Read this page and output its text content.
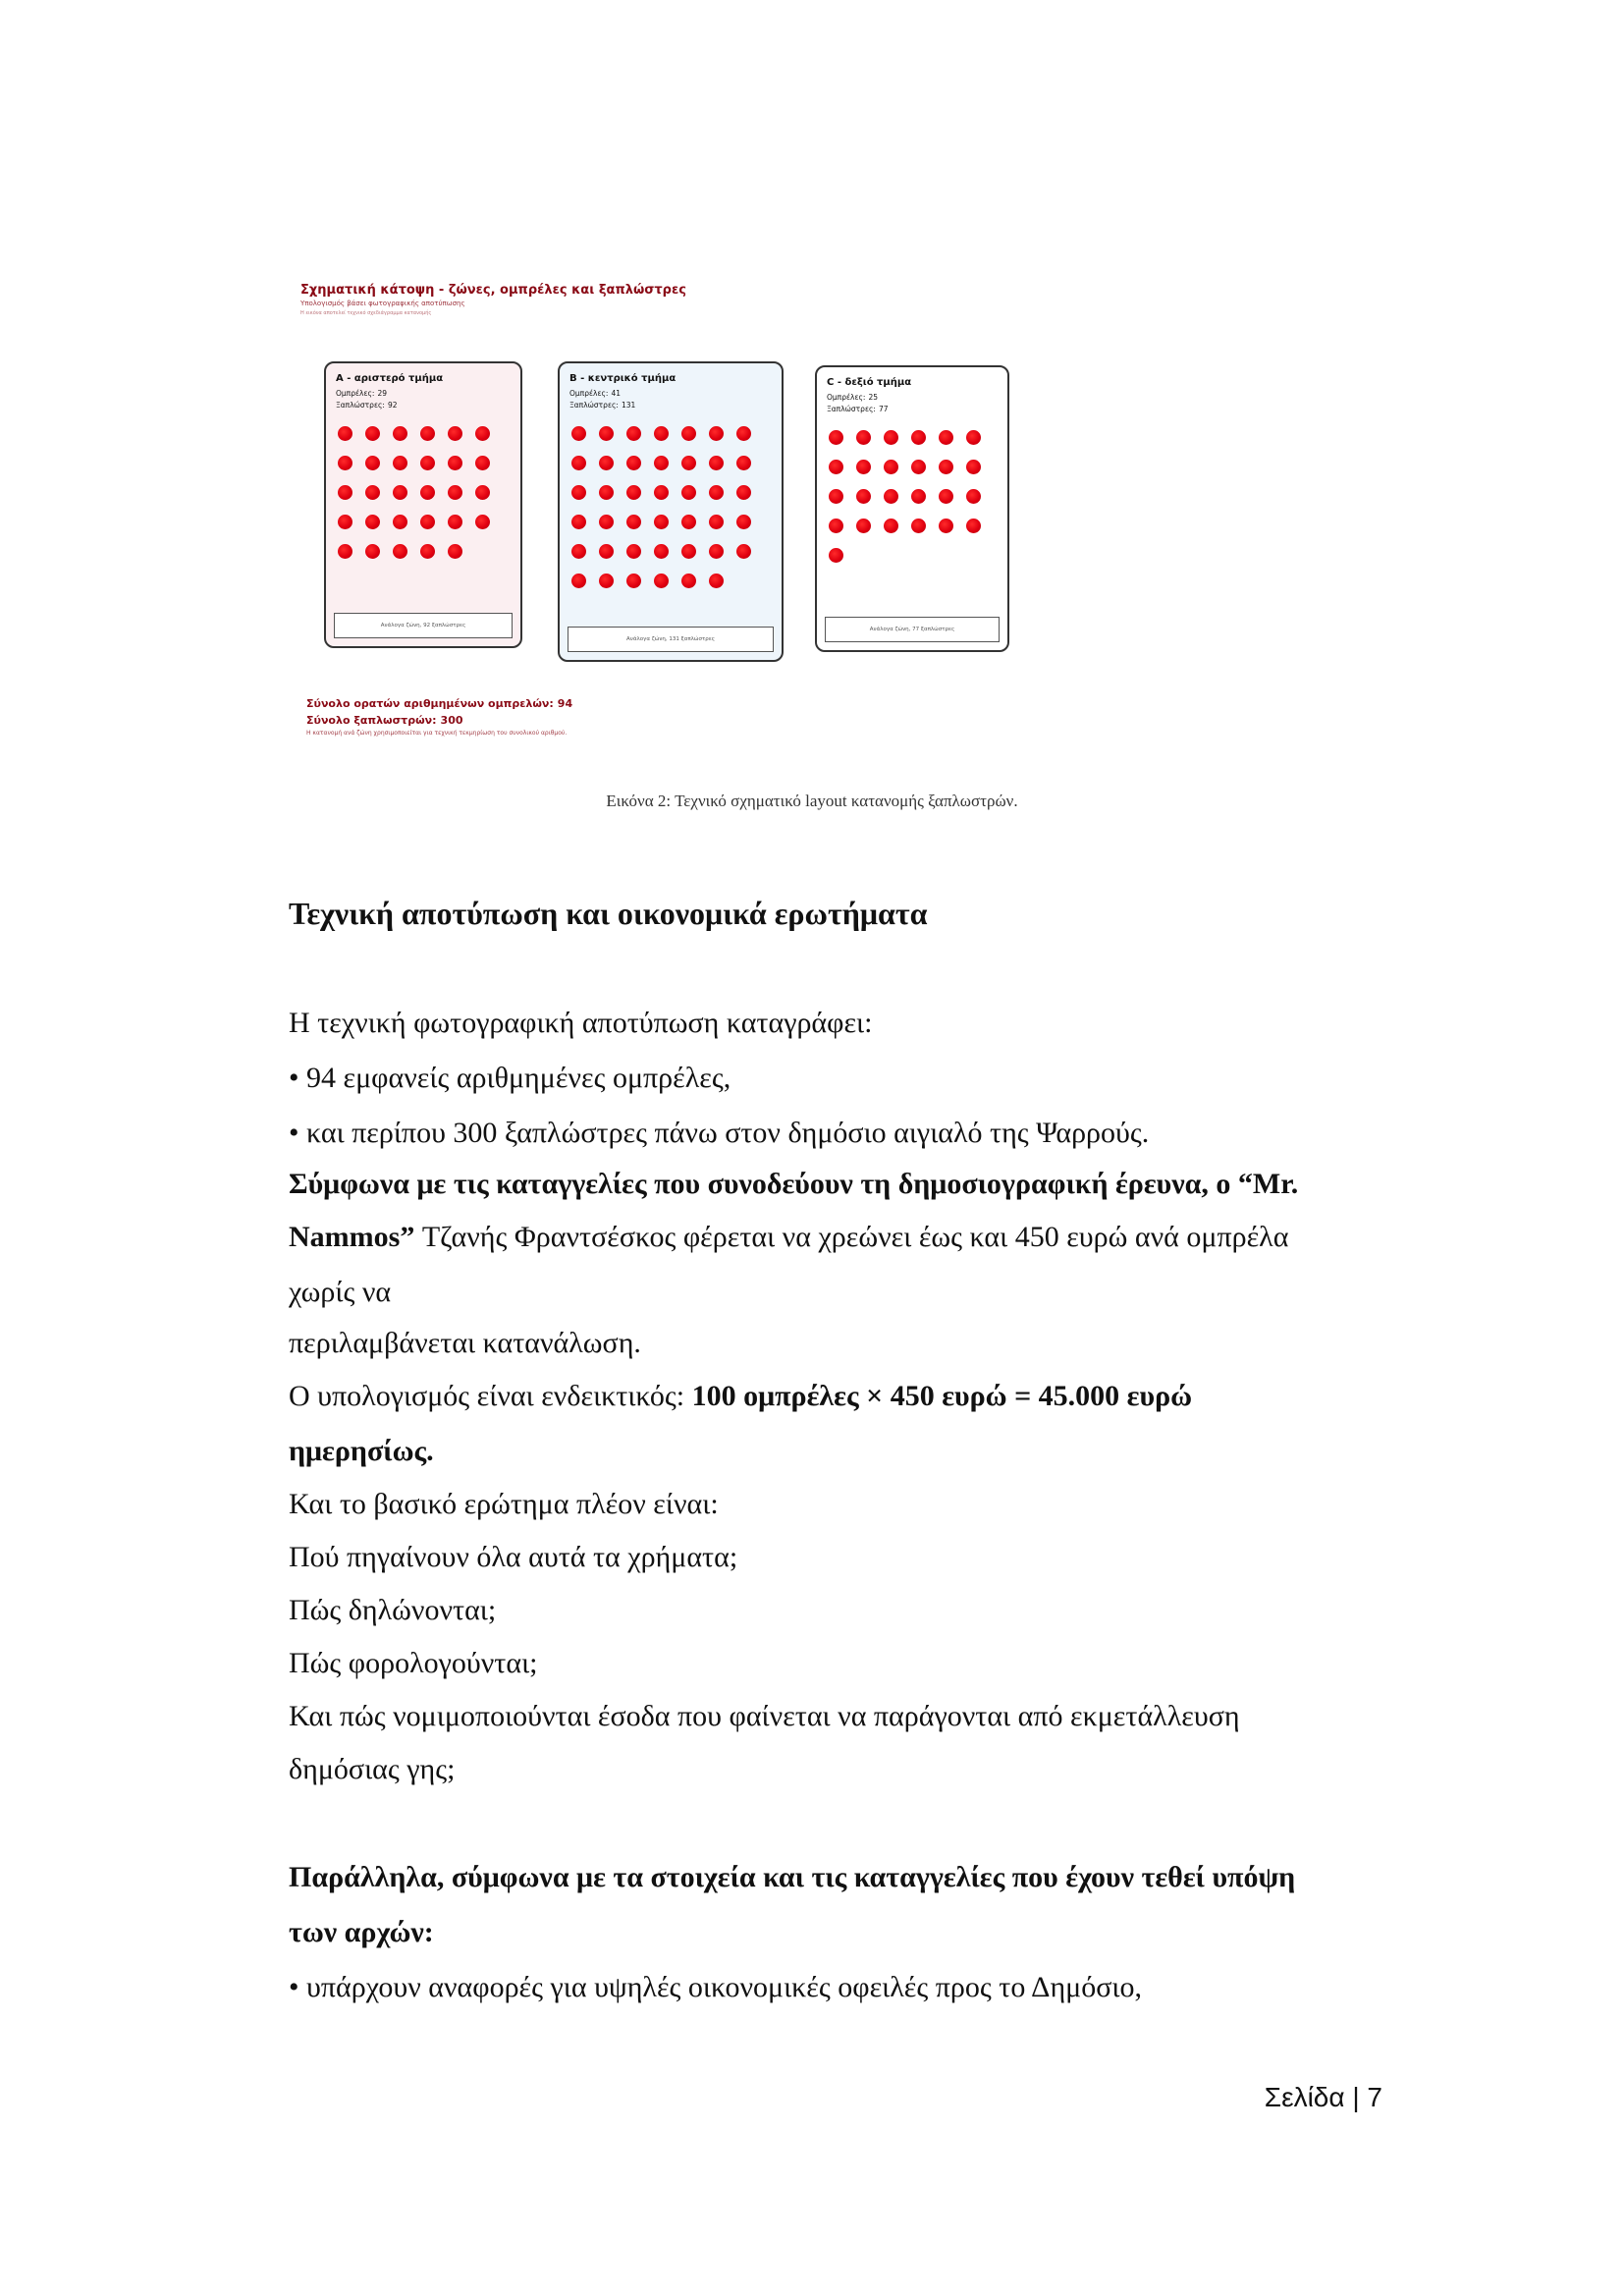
Σχηματική κάτοψη - ζώνες, ομπρέλες και ξαπλώστρες
Υπολογισμός βάσει φωτογραφικής αποτύπωσης
Η εικόνα αποτελεί τεχνικό σχεδιάγραμμα κατανομής
A - αριστερό τμήμα
Ομπρέλες: 29
Ξαπλώστρες: 92
Ανάλογα ζώνη, 92 ξαπλώστρες
B - κεντρικό τμήμα
Ομπρέλες: 41
Ξαπλώστρες: 131
Ανάλογα ζώνη, 131 ξαπλώστρες
C - δεξιό τμήμα
Ομπρέλες: 25
Ξαπλώστρες: 77
Ανάλογα ζώνη, 77 ξαπλώστρες
Σύνολο ορατών αριθμημένων ομπρελών: 94
Σύνολο ξαπλωστρών: 300
Η κατανομή ανά ζώνη χρησιμοποιείται για τεχνική τεκμηρίωση του συνολικού αριθμού.
Εικόνα 2: Τεχνικό σχηματικό layout κατανομής ξαπλωστρών.
Τεχνική αποτύπωση και οικονομικά ερωτήματα
Η τεχνική φωτογραφική αποτύπωση καταγράφει:
• 94 εμφανείς αριθμημένες ομπρέλες,
• και περίπου 300 ξαπλώστρες πάνω στον δημόσιο αιγιαλό της Ψαρρούς.
Σύμφωνα με τις καταγγελίες που συνοδεύουν τη δημοσιογραφική έρευνα, ο “Mr.
Nammos” Τζανής Φραντσέσκος φέρεται να χρεώνει έως και 450 ευρώ ανά ομπρέλα
χωρίς να
περιλαμβάνεται κατανάλωση.
Ο υπολογισμός είναι ενδεικτικός: 100 ομπρέλες × 450 ευρώ = 45.000 ευρώ
ημερησίως.
Και το βασικό ερώτημα πλέον είναι:
Πού πηγαίνουν όλα αυτά τα χρήματα;
Πώς δηλώνονται;
Πώς φορολογούνται;
Και πώς νομιμοποιούνται έσοδα που φαίνεται να παράγονται από εκμετάλλευση
δημόσιας γης;
Παράλληλα, σύμφωνα με τα στοιχεία και τις καταγγελίες που έχουν τεθεί υπόψη
των αρχών:
• υπάρχουν αναφορές για υψηλές οικονομικές οφειλές προς το Δημόσιο,
Σελίδα | 7
